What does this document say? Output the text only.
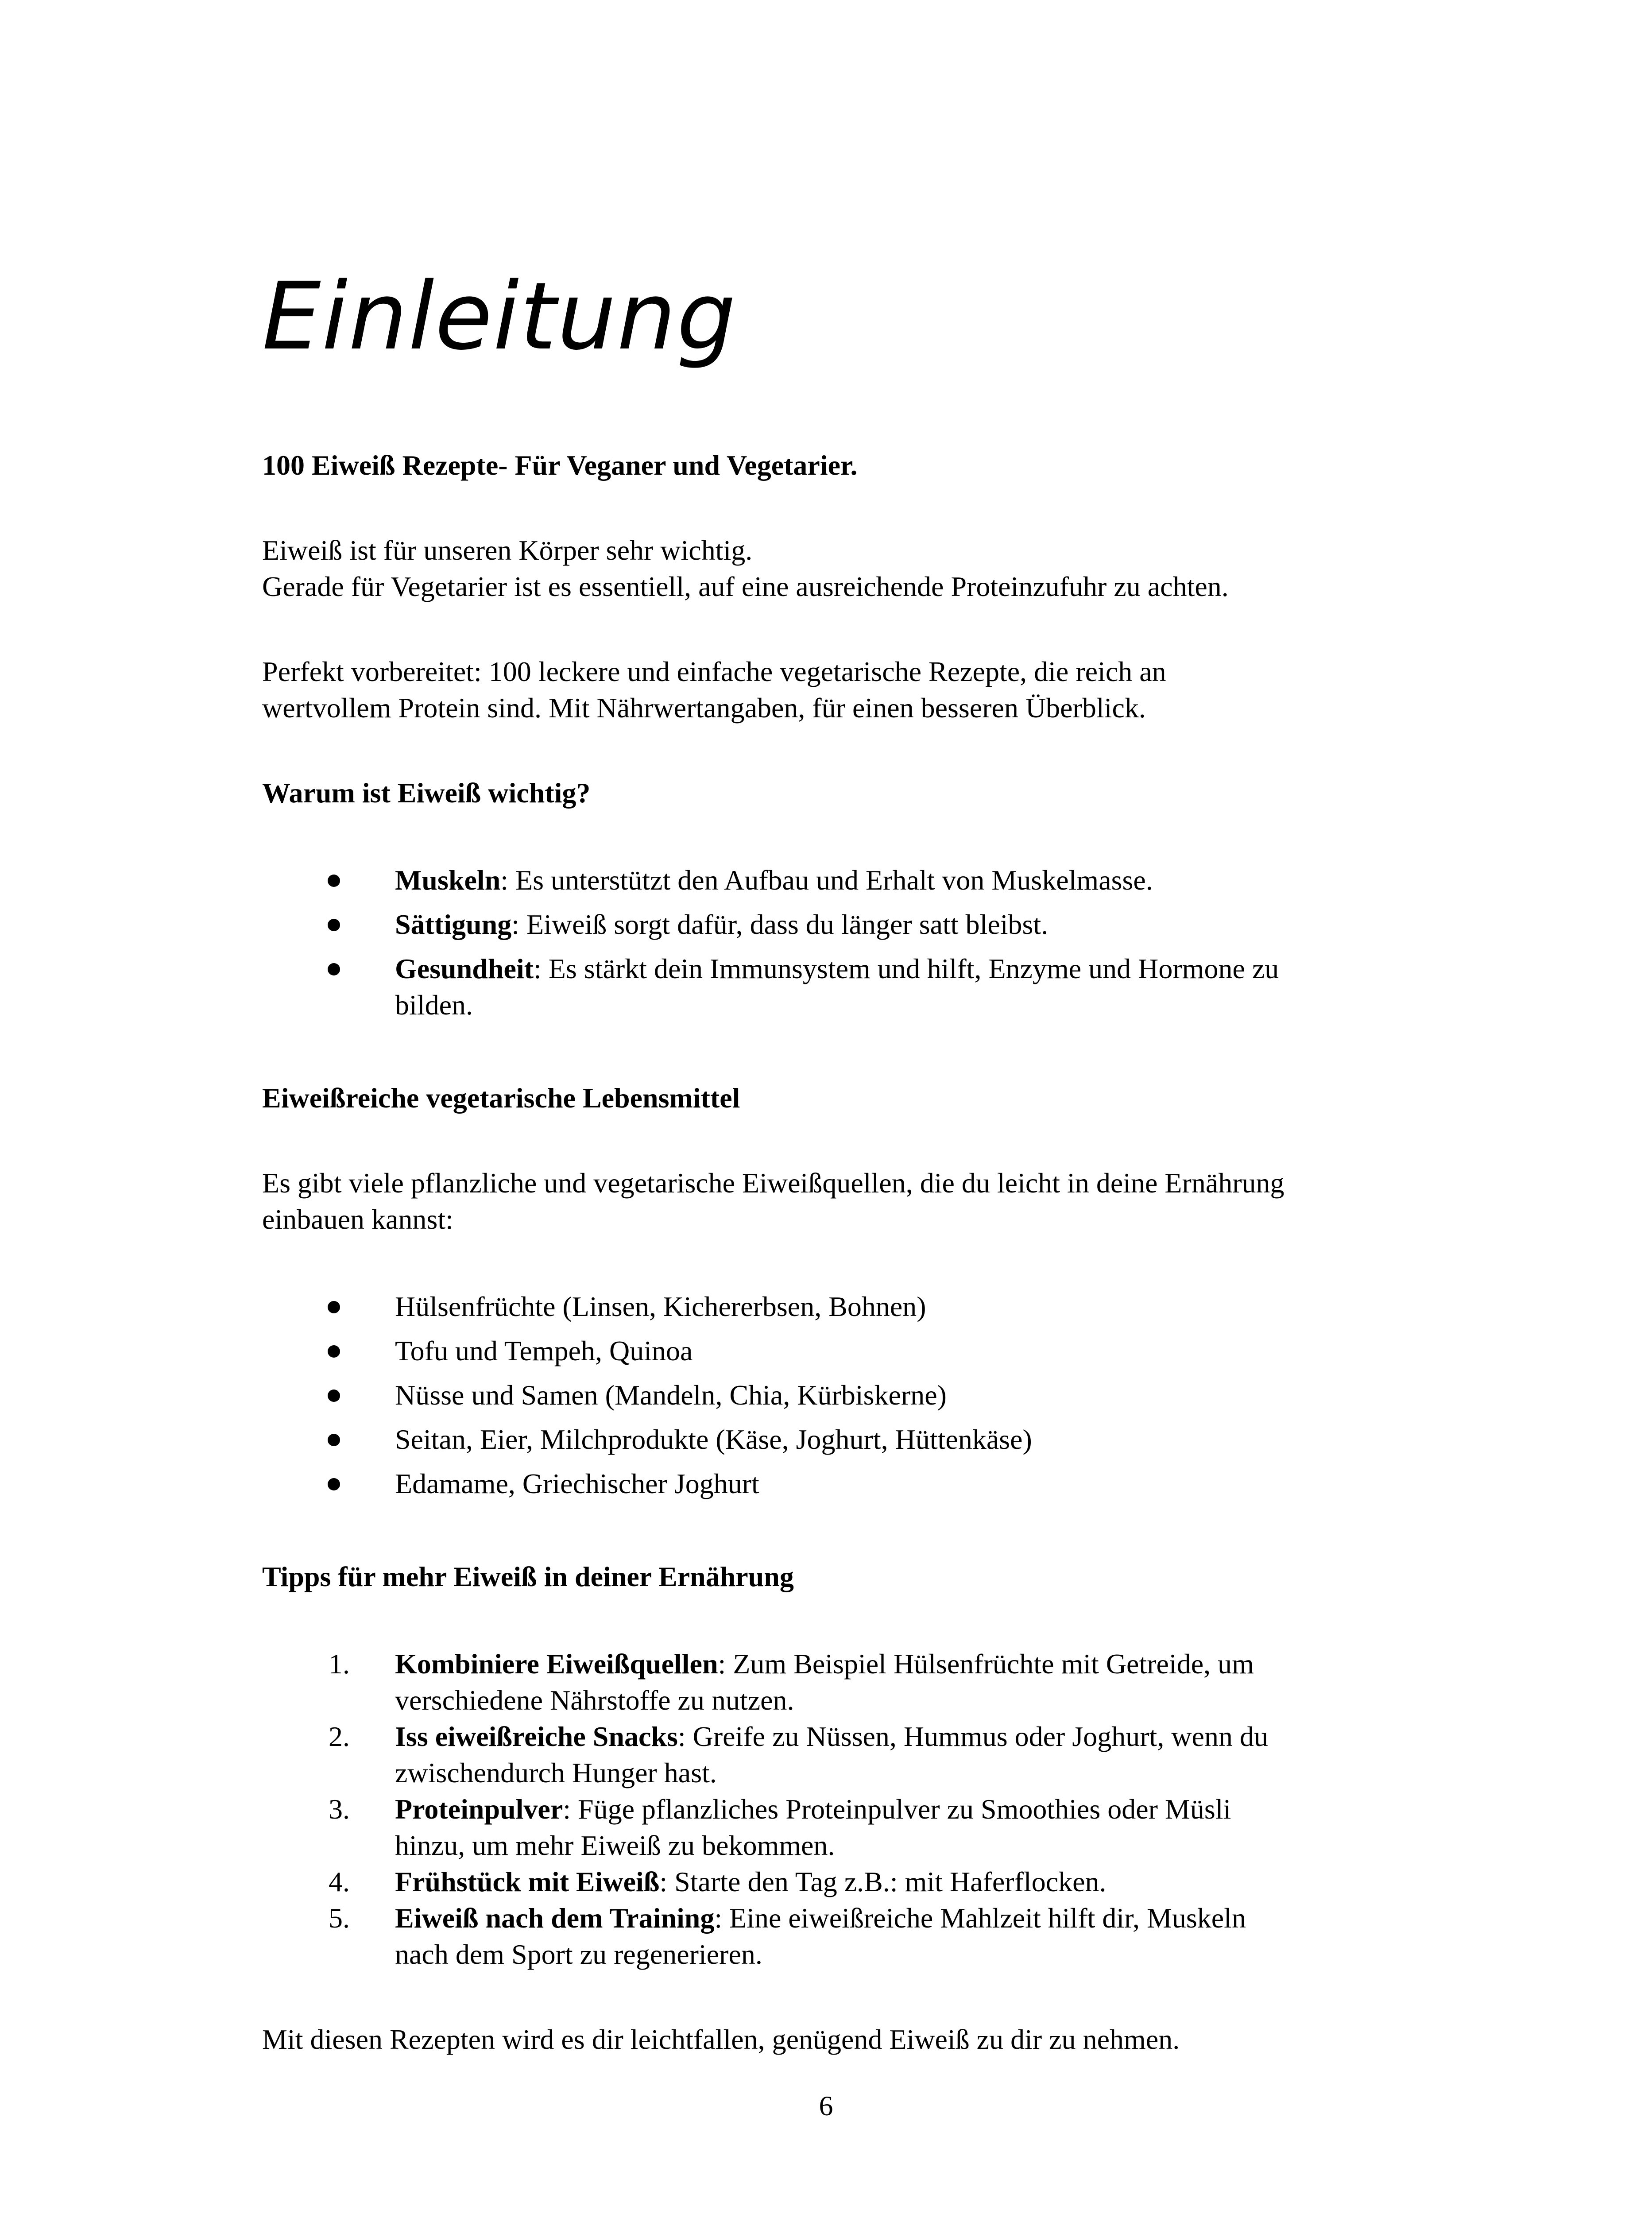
Einleitung

100 Eiweiß Rezepte- Für Veganer und Vegetarier.

Eiweiß ist für unseren Körper sehr wichtig.

Gerade für Vegetarier ist es essentiell, auf eine ausreichende Proteinzufuhr zu achten.

Perfekt vorbereitet: 100 leckere und einfache vegetarische Rezepte, die reich an

wertvollem Protein sind. Mit Nährwertangaben, für einen besseren Überblick.

Warum ist Eiweiß wichtig?

Muskeln: Es unterstützt den Aufbau und Erhalt von Muskelmasse.
Sättigung: Eiweiß sorgt dafür, dass du länger satt bleibst.
Gesundheit: Es stärkt dein Immunsystem und hilft, Enzyme und Hormone zu
bilden.

Eiweißreiche vegetarische Lebensmittel

Es gibt viele pflanzliche und vegetarische Eiweißquellen, die du leicht in deine Ernährung

einbauen kannst:

Hülsenfrüchte (Linsen, Kichererbsen, Bohnen)
Tofu und Tempeh, Quinoa
Nüsse und Samen (Mandeln, Chia, Kürbiskerne)
Seitan, Eier, Milchprodukte (Käse, Joghurt, Hüttenkäse)
Edamame, Griechischer Joghurt

Tipps für mehr Eiweiß in deiner Ernährung

1. Kombiniere Eiweißquellen: Zum Beispiel Hülsenfrüchte mit Getreide, um
verschiedene Nährstoffe zu nutzen.
2. Iss eiweißreiche Snacks: Greife zu Nüssen, Hummus oder Joghurt, wenn du
zwischendurch Hunger hast.
3. Proteinpulver: Füge pflanzliches Proteinpulver zu Smoothies oder Müsli
hinzu, um mehr Eiweiß zu bekommen.
4. Frühstück mit Eiweiß: Starte den Tag z.B.: mit Haferflocken.
5. Eiweiß nach dem Training: Eine eiweißreiche Mahlzeit hilft dir, Muskeln
nach dem Sport zu regenerieren.

Mit diesen Rezepten wird es dir leichtfallen, genügend Eiweiß zu dir zu nehmen.

6
